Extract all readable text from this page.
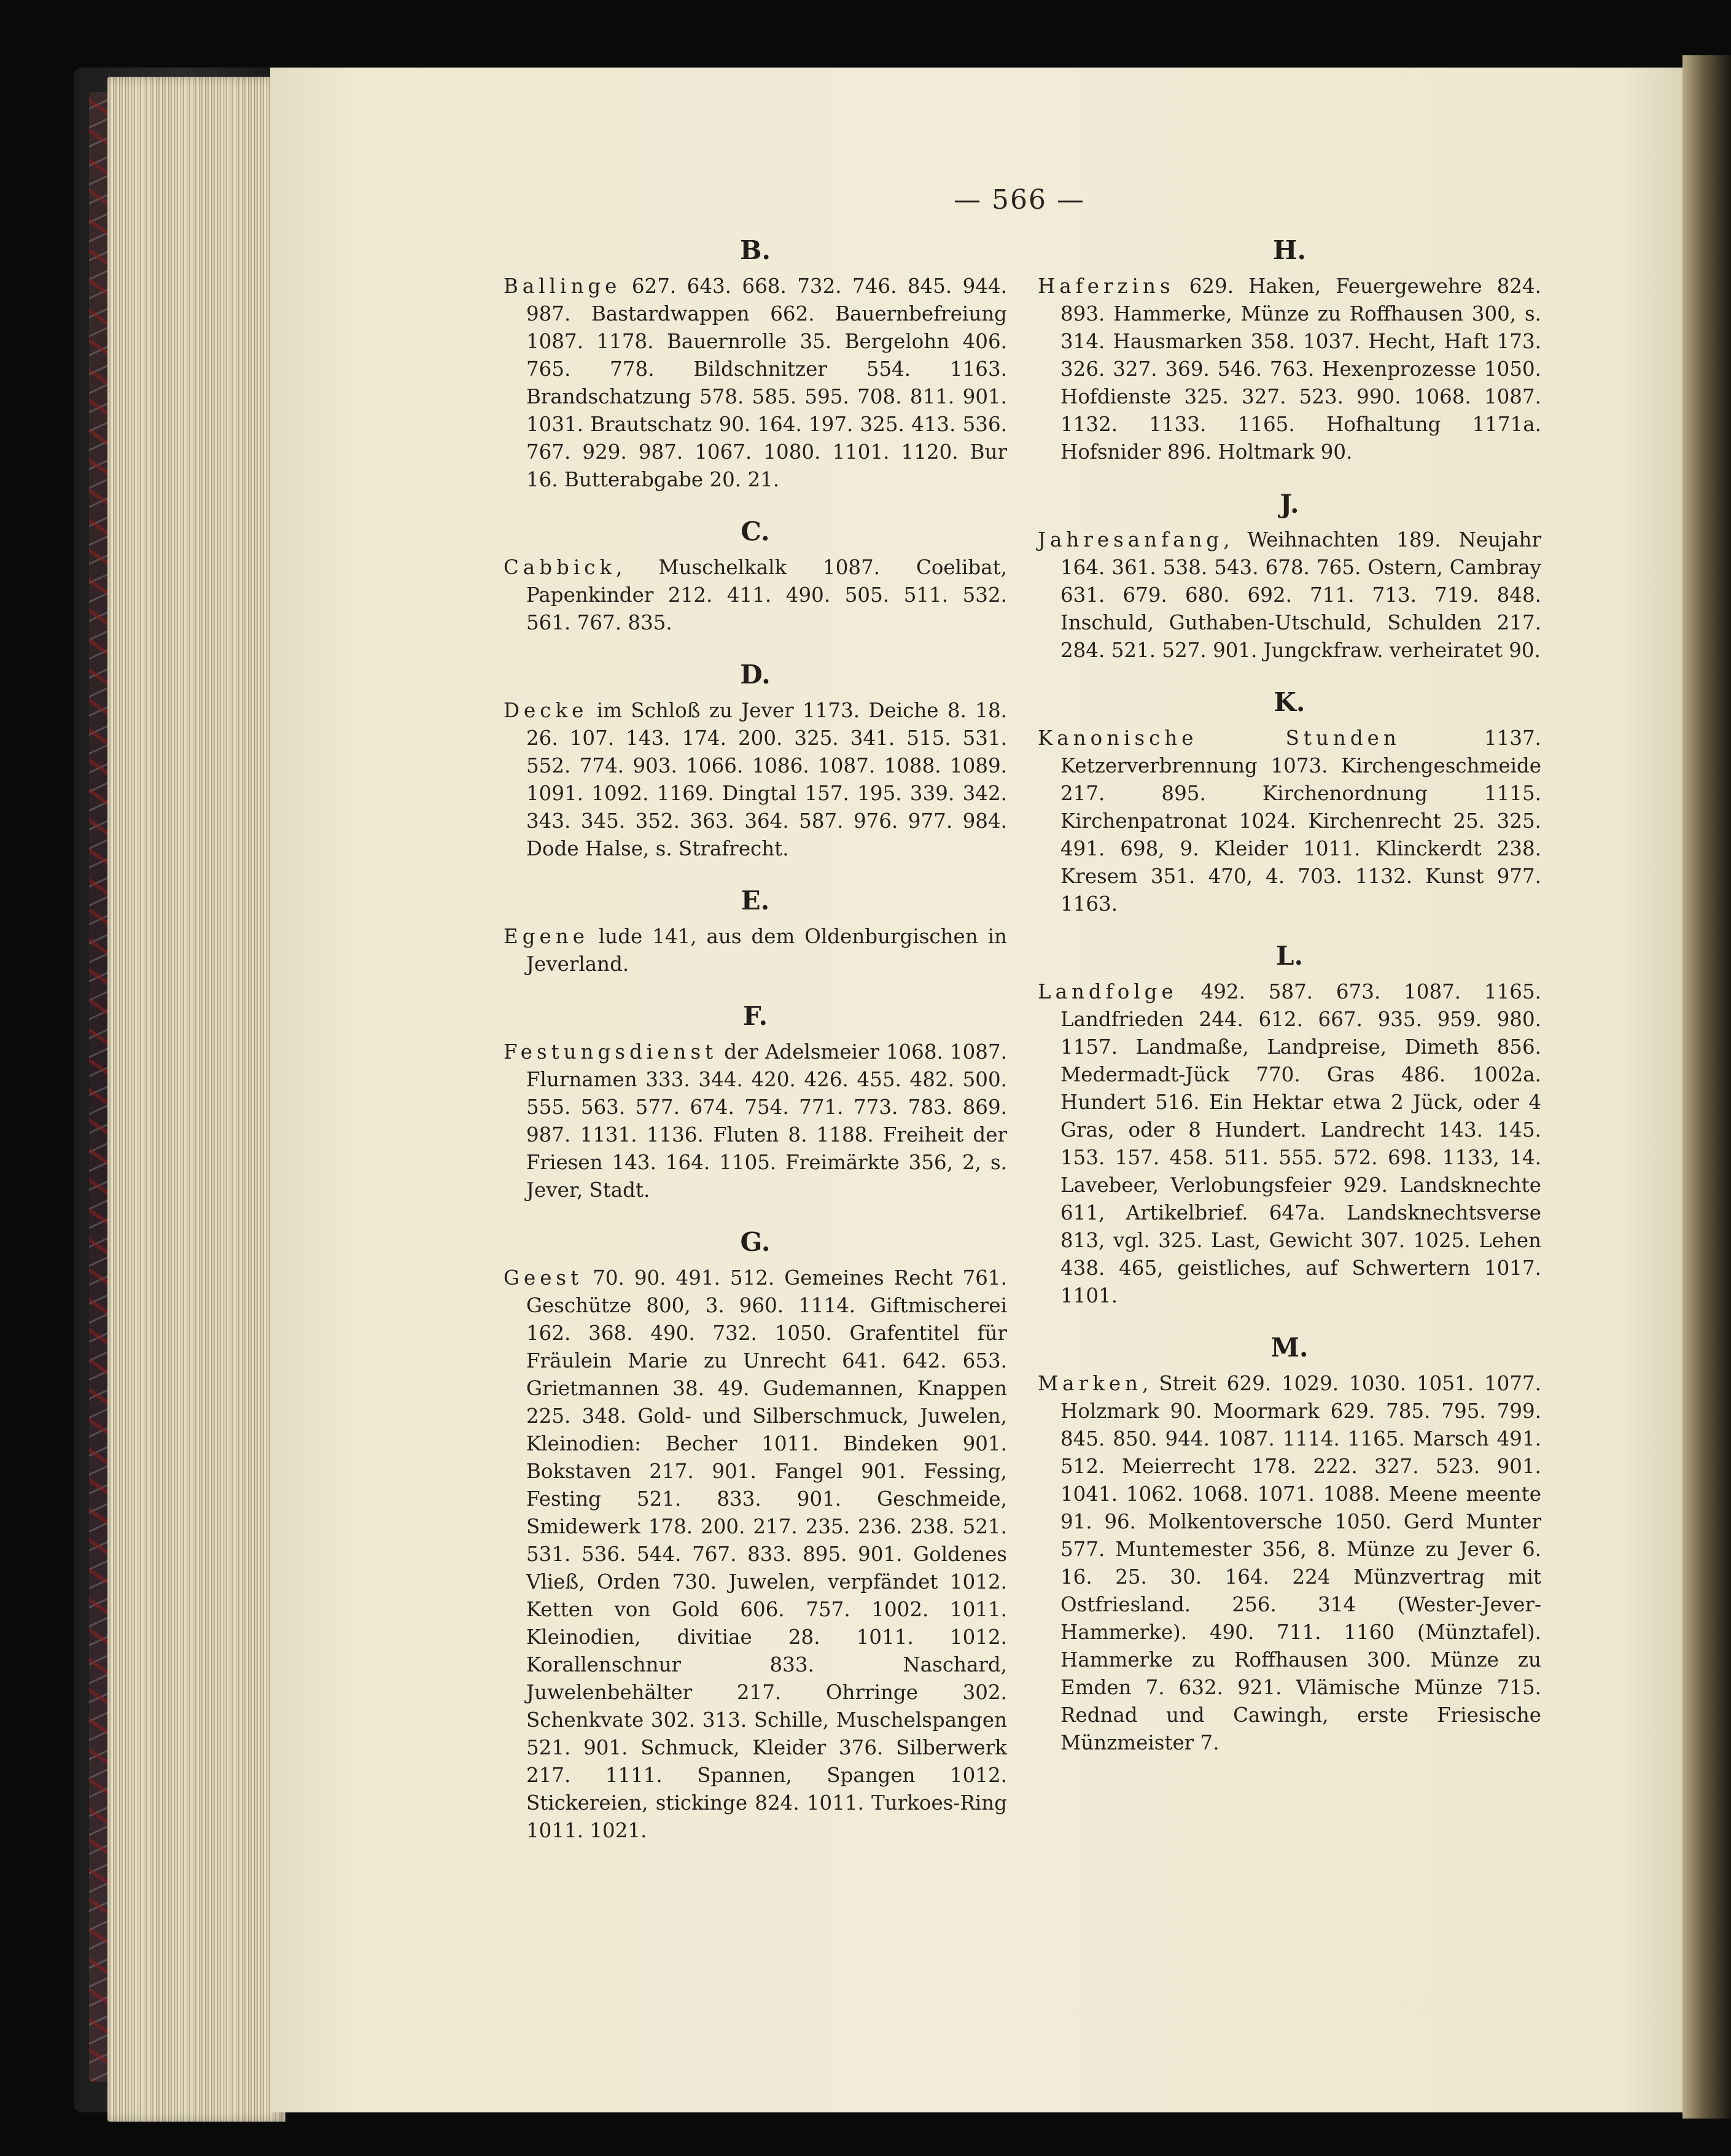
— 566 —
B.
Ballinge 627. 643. 668. 732. 746. 845. 944. 987. Bastardwappen 662. Bauernbefreiung 1087. 1178. Bauernrolle 35. Bergelohn 406. 765. 778. Bildschnitzer 554. 1163. Brandschatzung 578. 585. 595. 708. 811. 901. 1031. Brautschatz 90. 164. 197. 325. 413. 536. 767. 929. 987. 1067. 1080. 1101. 1120. Bur 16. Butterabgabe 20. 21.
C.
Cabbick, Muschelkalk 1087. Coelibat, Papenkinder 212. 411. 490. 505. 511. 532. 561. 767. 835.
D.
Decke im Schloß zu Jever 1173. Deiche 8. 18. 26. 107. 143. 174. 200. 325. 341. 515. 531. 552. 774. 903. 1066. 1086. 1087. 1088. 1089. 1091. 1092. 1169. Dingtal 157. 195. 339. 342. 343. 345. 352. 363. 364. 587. 976. 977. 984. Dode Halse, s. Strafrecht.
E.
Egene lude 141, aus dem Oldenburgischen in Jeverland.
F.
Festungsdienst der Adelsmeier 1068. 1087. Flurnamen 333. 344. 420. 426. 455. 482. 500. 555. 563. 577. 674. 754. 771. 773. 783. 869. 987. 1131. 1136. Fluten 8. 1188. Freiheit der Friesen 143. 164. 1105. Freimärkte 356, 2, s. Jever, Stadt.
G.
Geest 70. 90. 491. 512. Gemeines Recht 761. Geschütze 800, 3. 960. 1114. Giftmischerei 162. 368. 490. 732. 1050. Grafentitel für Fräulein Marie zu Unrecht 641. 642. 653. Grietmannen 38. 49. Gudemannen, Knappen 225. 348. Gold- und Silberschmuck, Juwelen, Kleinodien: Becher 1011. Bindeken 901. Bokstaven 217. 901. Fangel 901. Fessing, Festing 521. 833. 901. Geschmeide, Smidewerk 178. 200. 217. 235. 236. 238. 521. 531. 536. 544. 767. 833. 895. 901. Goldenes Vließ, Orden 730. Juwelen, verpfändet 1012. Ketten von Gold 606. 757. 1002. 1011. Kleinodien, divitiae 28. 1011. 1012. Korallenschnur 833. Naschard, Juwelenbehälter 217. Ohrringe 302. Schenkvate 302. 313. Schille, Muschelspangen 521. 901. Schmuck, Kleider 376. Silberwerk 217. 1111. Spannen, Spangen 1012. Stickereien, stickinge 824. 1011. Turkoes-Ring 1011. 1021.
H.
Haferzins 629. Haken, Feuergewehre 824. 893. Hammerke, Münze zu Roffhausen 300, s. 314. Hausmarken 358. 1037. Hecht, Haft 173. 326. 327. 369. 546. 763. Hexenprozesse 1050. Hofdienste 325. 327. 523. 990. 1068. 1087. 1132. 1133. 1165. Hofhaltung 1171a. Hofsnider 896. Holtmark 90.
J.
Jahresanfang, Weihnachten 189. Neujahr 164. 361. 538. 543. 678. 765. Ostern, Cambray 631. 679. 680. 692. 711. 713. 719. 848. Inschuld, Guthaben-Utschuld, Schulden 217. 284. 521. 527. 901. Jungckfraw. verheiratet 90.
K.
Kanonische Stunden 1137. Ketzerverbrennung 1073. Kirchengeschmeide 217. 895. Kirchenordnung 1115. Kirchenpatronat 1024. Kirchenrecht 25. 325. 491. 698, 9. Kleider 1011. Klinckerdt 238. Kresem 351. 470, 4. 703. 1132. Kunst 977. 1163.
L.
Landfolge 492. 587. 673. 1087. 1165. Landfrieden 244. 612. 667. 935. 959. 980. 1157. Landmaße, Landpreise, Dimeth 856. Medermadt-Jück 770. Gras 486. 1002a. Hundert 516. Ein Hektar etwa 2 Jück, oder 4 Gras, oder 8 Hundert. Landrecht 143. 145. 153. 157. 458. 511. 555. 572. 698. 1133, 14. Lavebeer, Verlobungsfeier 929. Landsknechte 611, Artikelbrief. 647a. Landsknechtsverse 813, vgl. 325. Last, Gewicht 307. 1025. Lehen 438. 465, geistliches, auf Schwertern 1017. 1101.
M.
Marken, Streit 629. 1029. 1030. 1051. 1077. Holzmark 90. Moormark 629. 785. 795. 799. 845. 850. 944. 1087. 1114. 1165. Marsch 491. 512. Meierrecht 178. 222. 327. 523. 901. 1041. 1062. 1068. 1071. 1088. Meene meente 91. 96. Molkentoversche 1050. Gerd Munter 577. Muntemester 356, 8. Münze zu Jever 6. 16. 25. 30. 164. 224 Münzvertrag mit Ostfriesland. 256. 314 (Wester-Jever-Hammerke). 490. 711. 1160 (Münztafel). Hammerke zu Roffhausen 300. Münze zu Emden 7. 632. 921. Vlämische Münze 715. Rednad und Cawingh, erste Friesische Münzmeister 7.
